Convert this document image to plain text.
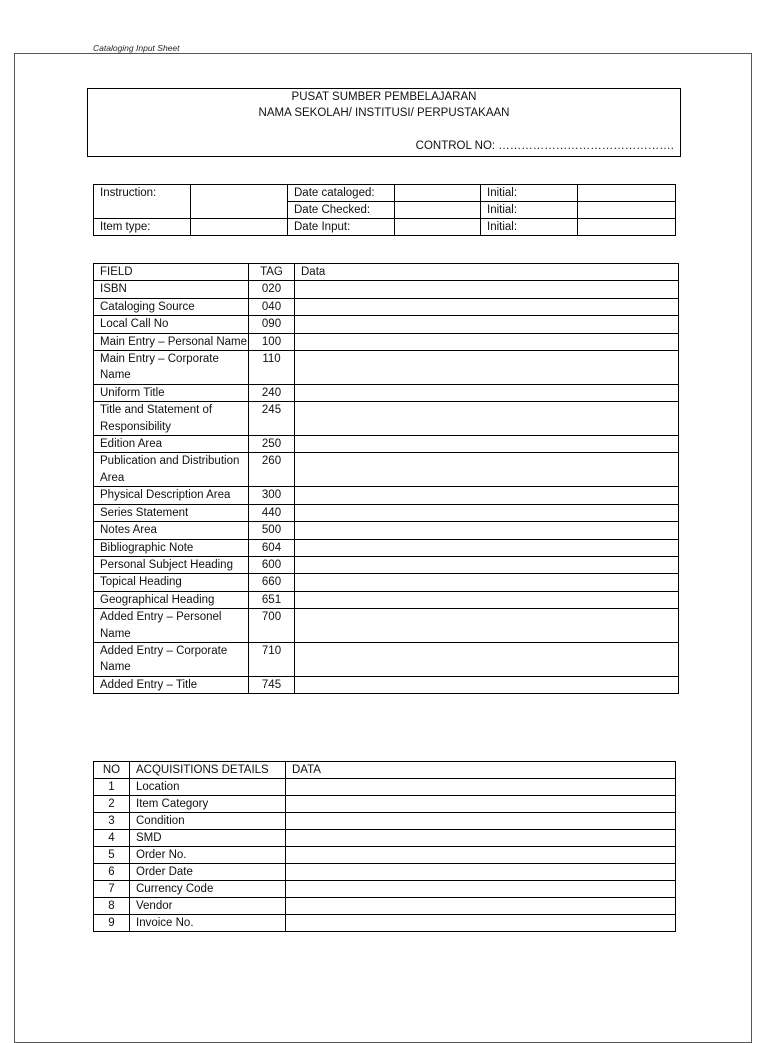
Cataloging Input Sheet
PUSAT SUMBER PEMBELAJARAN
NAMA SEKOLAH/ INSTITUSI/ PERPUSTAKAAN
CONTROL NO: ……………………………………….
Instruction:		Date cataloged:		Initial:	
		Date Checked:		Initial:	
Item type:		Date Input:		Initial:	
FIELD	TAG	Data
ISBN	020	
Cataloging Source	040	
Local Call No	090	
Main Entry – Personal Name	100	
Main Entry – Corporate Name	110	
Uniform Title	240	
Title and Statement of Responsibility	245	
Edition Area	250	
Publication and Distribution Area	260	
Physical Description Area	300	
Series Statement	440	
Notes Area	500	
Bibliographic Note	604	
Personal Subject Heading	600	
Topical Heading	660	
Geographical Heading	651	
Added Entry – Personel Name	700	
Added Entry – Corporate Name	710	
Added Entry – Title	745	
NO	ACQUISITIONS DETAILS	DATA
1	Location	
2	Item Category	
3	Condition	
4	SMD	
5	Order No.	
6	Order Date	
7	Currency Code	
8	Vendor	
9	Invoice No.	
